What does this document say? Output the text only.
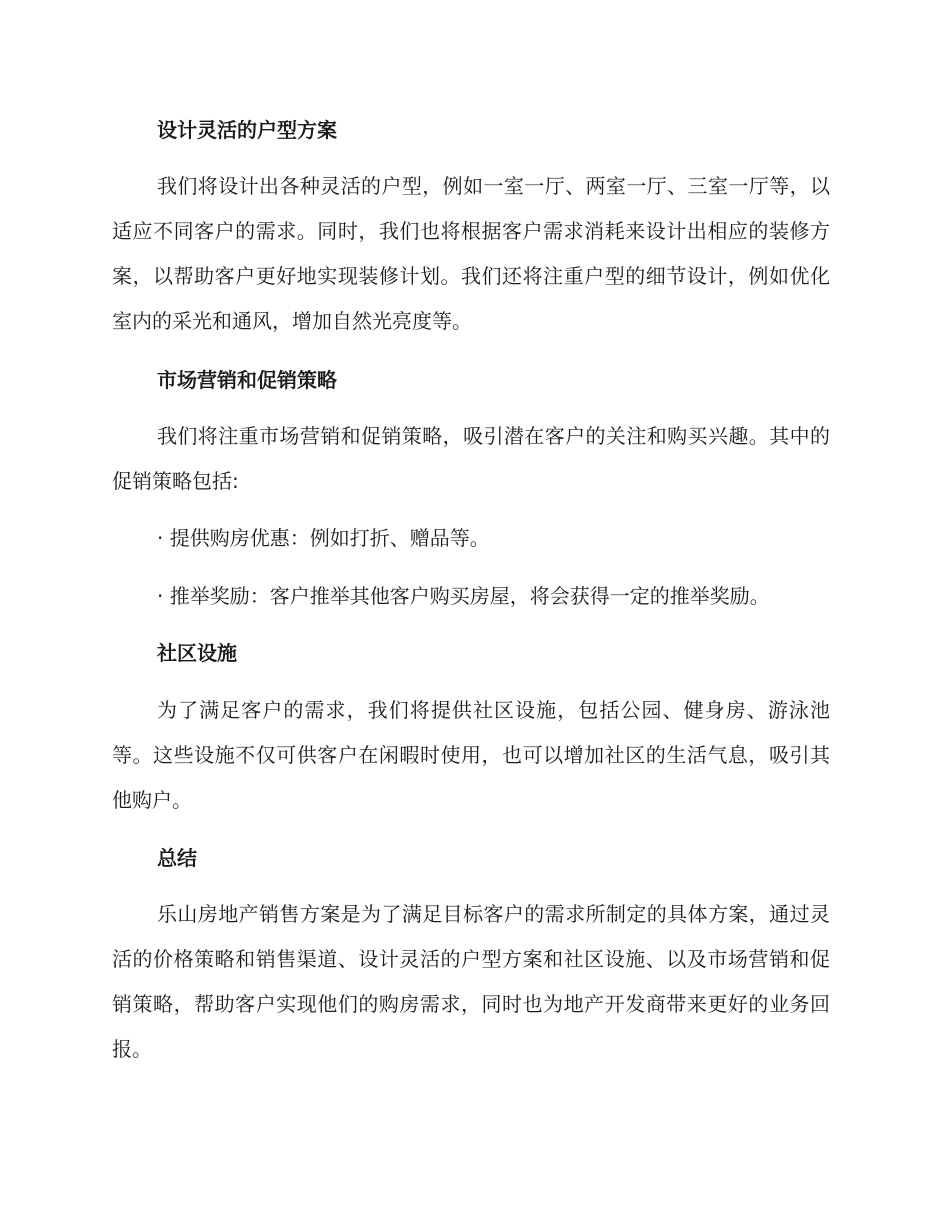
设计灵活的户型方案

我们将设计出各种灵活的户型，例如一室一厅、两室一厅、三室一厅等，以适应不同客户的需求。同时，我们也将根据客户需求消耗来设计出相应的装修方案，以帮助客户更好地实现装修计划。我们还将注重户型的细节设计，例如优化室内的采光和通风，增加自然光亮度等。

市场营销和促销策略

我们将注重市场营销和促销策略，吸引潜在客户的关注和购买兴趣。其中的促销策略包括:

· 提供购房优惠：例如打折、赠品等。

· 推举奖励：客户推举其他客户购买房屋，将会获得一定的推举奖励。

社区设施

为了满足客户的需求，我们将提供社区设施，包括公园、健身房、游泳池等。这些设施不仅可供客户在闲暇时使用，也可以增加社区的生活气息，吸引其他购户。

总结

乐山房地产销售方案是为了满足目标客户的需求所制定的具体方案，通过灵活的价格策略和销售渠道、设计灵活的户型方案和社区设施、以及市场营销和促销策略，帮助客户实现他们的购房需求，同时也为地产开发商带来更好的业务回报。
